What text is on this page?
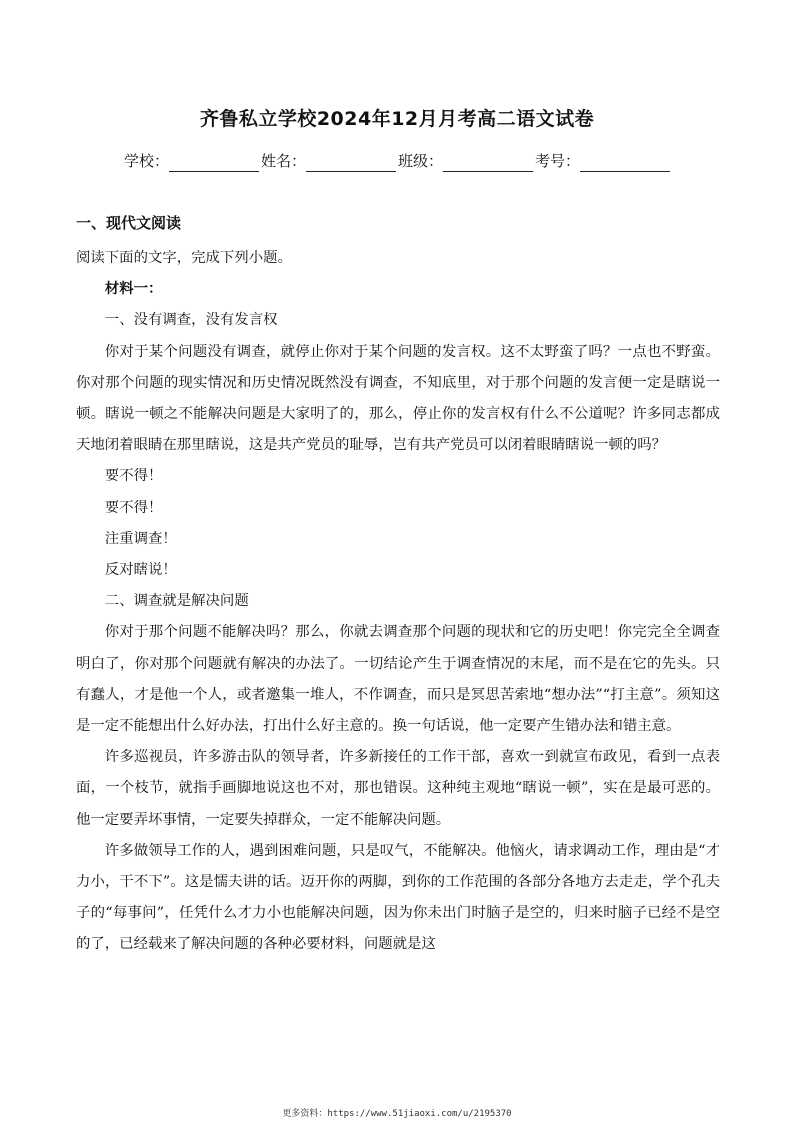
齐鲁私立学校2024年12月月考高二语文试卷
学校：	姓名：	班级：	考号：
一、现代文阅读

阅读下面的文字，完成下列小题。

材料一：

一、没有调查，没有发言权

你对于某个问题没有调查，就停止你对于某个问题的发言权。这不太野蛮了吗？一点也不野蛮。你对那个问题的现实情况和历史情况既然没有调查，不知底里，对于那个问题的发言便一定是瞎说一顿。瞎说一顿之不能解决问题是大家明了的，那么，停止你的发言权有什么不公道呢？许多同志都成天地闭着眼睛在那里瞎说，这是共产党员的耻辱，岂有共产党员可以闭着眼睛瞎说一顿的吗？

要不得！

要不得！

注重调查！

反对瞎说！

二、调查就是解决问题

你对于那个问题不能解决吗？那么，你就去调查那个问题的现状和它的历史吧！你完完全全调查明白了，你对那个问题就有解决的办法了。一切结论产生于调查情况的末尾，而不是在它的先头。只有蠢人，才是他一个人，或者邀集一堆人，不作调查，而只是冥思苦索地“想办法”“打主意”。须知这是一定不能想出什么好办法，打出什么好主意的。换一句话说，他一定要产生错办法和错主意。

许多巡视员，许多游击队的领导者，许多新接任的工作干部，喜欢一到就宣布政见，看到一点表面，一个枝节，就指手画脚地说这也不对，那也错误。这种纯主观地“瞎说一顿”，实在是最可恶的。他一定要弄坏事情，一定要失掉群众，一定不能解决问题。

许多做领导工作的人，遇到困难问题，只是叹气，不能解决。他恼火，请求调动工作，理由是“才力小，干不下”。这是懦夫讲的话。迈开你的两脚，到你的工作范围的各部分各地方去走走，学个孔夫子的“每事问”，任凭什么才力小也能解决问题，因为你未出门时脑子是空的，归来时脑子已经不是空的了，已经载来了解决问题的各种必要材料，问题就是这

更多资料：https://www.51jiaoxi.com/u/2195370
